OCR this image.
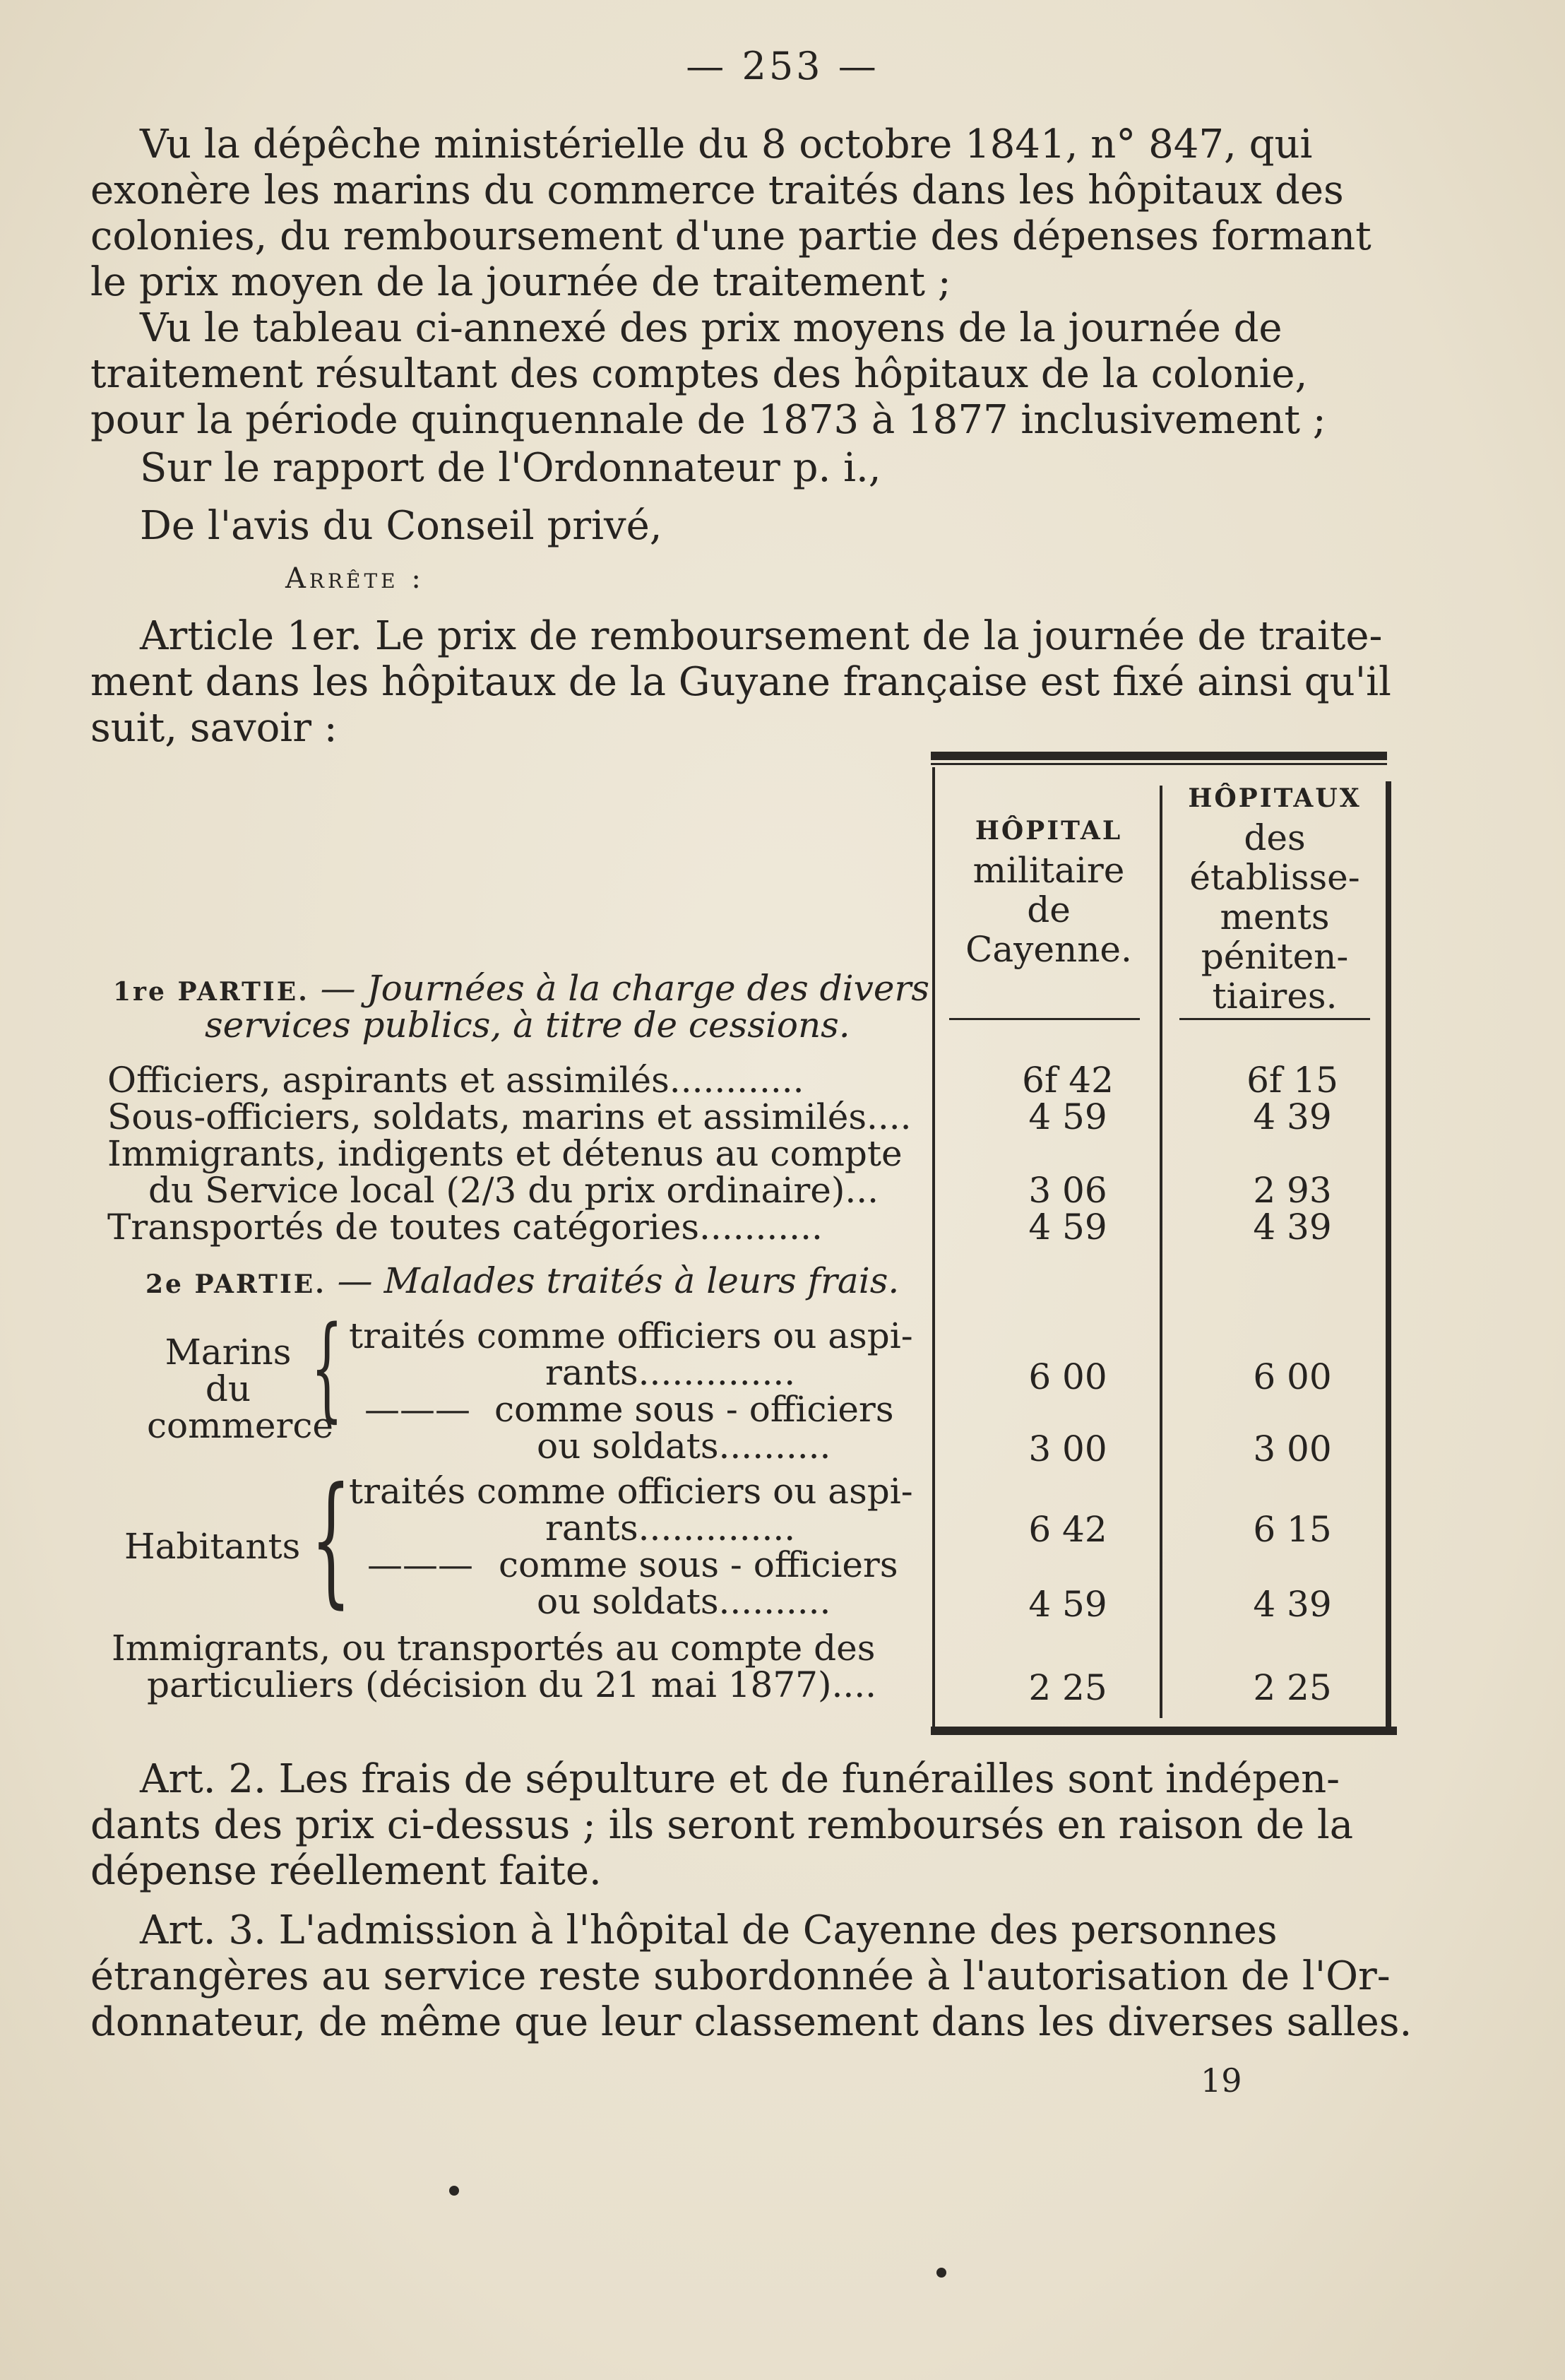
— 253 —
Vu la dépêche ministérielle du 8 octobre 1841, n° 847, qui
exonère les marins du commerce traités dans les hôpitaux des
colonies, du remboursement d'une partie des dépenses formant
le prix moyen de la journée de traitement ;
Vu le tableau ci-annexé des prix moyens de la journée de
traitement résultant des comptes des hôpitaux de la colonie,
pour la période quinquennale de 1873 à 1877 inclusivement ;
Sur le rapport de l'Ordonnateur p. i.,
De l'avis du Conseil privé,
Arrête :
Article 1er. Le prix de remboursement de la journée de traite-
ment dans les hôpitaux de la Guyane française est fixé ainsi qu'il
suit, savoir :
HÔPITAL
militaire
de
Cayenne.
HÔPITAUX
des
établisse-
ments
péniten-
tiaires.
1re PARTIE. — Journées à la charge des divers
services publics, à titre de cessions.
Officiers, aspirants et assimilés............	6f 42	6f 15
Sous-officiers, soldats, marins et assimilés....	4 59	4 39
Immigrants, indigents et détenus au compte
du Service local (2/3 du prix ordinaire)...	3 06	2 93
Transportés de toutes catégories...........	4 59	4 39
2e PARTIE. — Malades traités à leurs frais.
Marins
du
commerce
{ traités comme officiers ou aspi-
rants..............	6 00	6 00
——— comme sous - officiers
ou soldats..........	3 00	3 00
Habitants {
traités comme officiers ou aspi-
rants..............	6 42	6 15
——— comme sous - officiers
ou soldats..........	4 59	4 39
Immigrants, ou transportés au compte des
particuliers (décision du 21 mai 1877)....	2 25	2 25
Art. 2. Les frais de sépulture et de funérailles sont indépen-
dants des prix ci-dessus ; ils seront remboursés en raison de la
dépense réellement faite.
Art. 3. L'admission à l'hôpital de Cayenne des personnes
étrangères au service reste subordonnée à l'autorisation de l'Or-
donnateur, de même que leur classement dans les diverses salles.
19
